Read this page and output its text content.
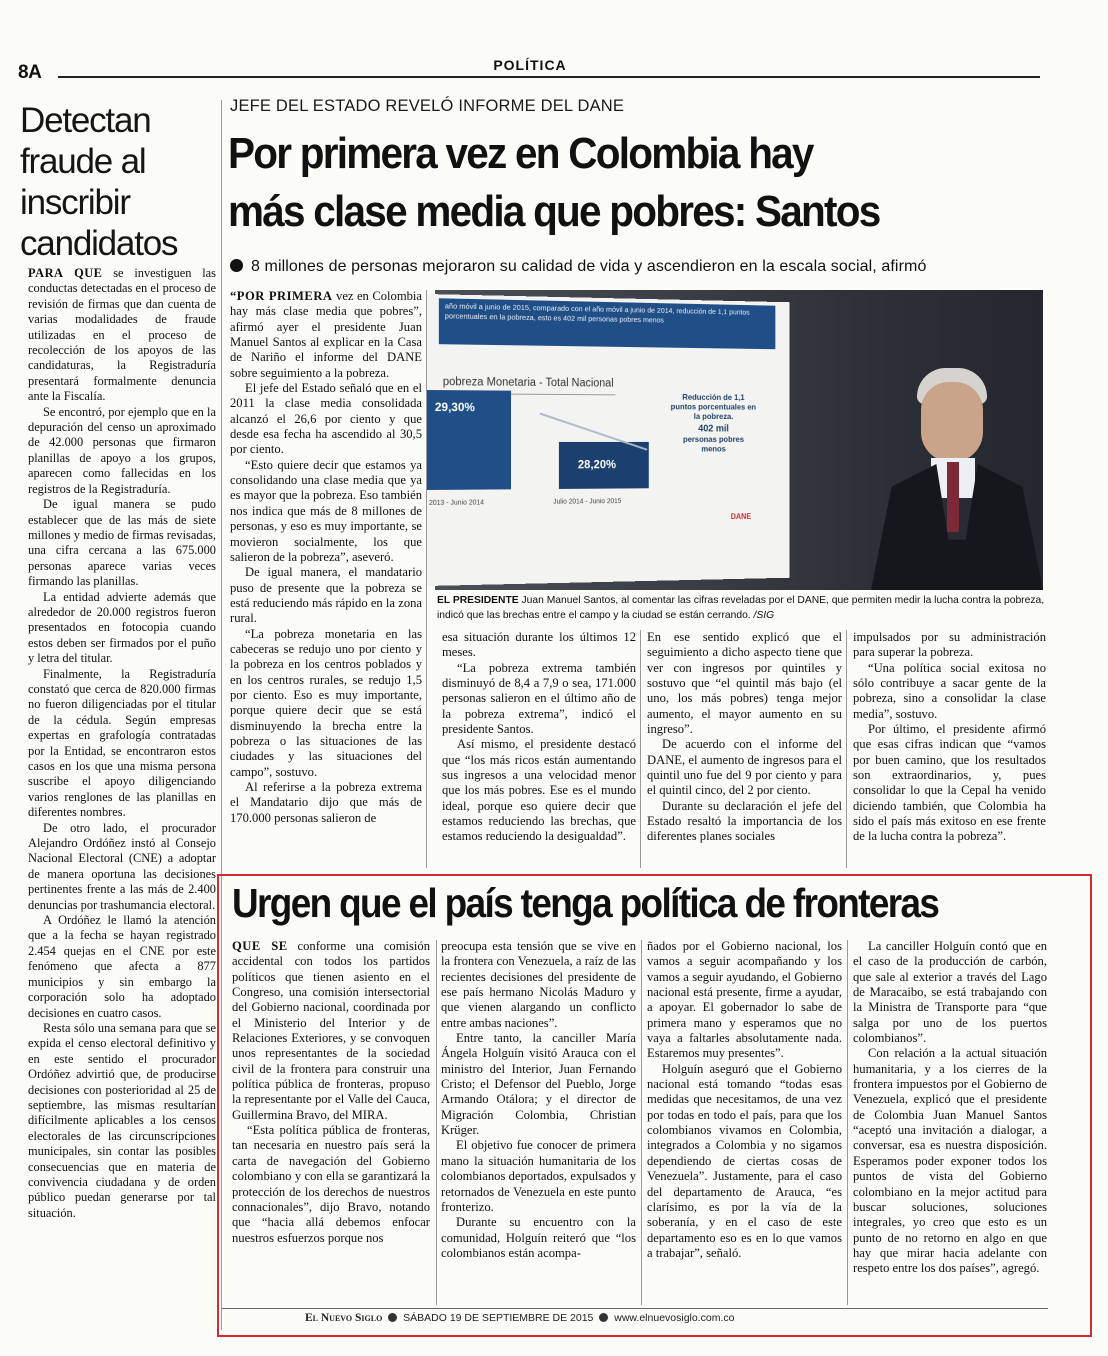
8A	POLÍTICA
Detectan fraude al inscribir candidatos

PARA QUE se investiguen las conductas detectadas en el proceso de revisión de firmas que dan cuenta de varias modalidades de fraude utilizadas en el proceso de recolección de los apoyos de las candidaturas, la Registraduría presentará formalmente denuncia ante la Fiscalía.

Se encontró, por ejemplo que en la depuración del censo un aproximado de 42.000 personas que firmaron planillas de apoyo a los grupos, aparecen como fallecidas en los registros de la Registraduría.

De igual manera se pudo establecer que de las más de siete millones y medio de firmas revisadas, una cifra cercana a las 675.000 personas aparece varias veces firmando las planillas.

La entidad advierte además que alrededor de 20.000 registros fueron presentados en fotocopia cuando estos deben ser firmados por el puño y letra del titular.

Finalmente, la Registraduría constató que cerca de 820.000 firmas no fueron diligenciadas por el titular de la cédula. Según empresas expertas en grafología contratadas por la Entidad, se encontraron estos casos en los que una misma persona suscribe el apoyo diligenciando varios renglones de las planillas en diferentes nombres.

De otro lado, el procurador Alejandro Ordóñez instó al Consejo Nacional Electoral (CNE) a adoptar de manera oportuna las decisiones pertinentes frente a las más de 2.400 denuncias por trashumancia electoral.

A Ordóñez le llamó la atención que a la fecha se hayan registrado 2.454 quejas en el CNE por este fenómeno que afecta a 877 municipios y sin embargo la corporación solo ha adoptado decisiones en cuatro casos.

Resta sólo una semana para que se expida el censo electoral definitivo y en este sentido el procurador Ordóñez advirtió que, de producirse decisiones con posterioridad al 25 de septiembre, las mismas resultarían difícilmente aplicables a los censos electorales de las circunscripciones municipales, sin contar las posibles consecuencias que en materia de convivencia ciudadana y de orden público puedan generarse por tal situación.

JEFE DEL ESTADO REVELÓ INFORME DEL DANE
Por primera vez en Colombia hay
más clase media que pobres: Santos
8 millones de personas mejoraron su calidad de vida y ascendieron en la escala social, afirmó

“POR PRIMERA vez en Colombia hay más clase media que pobres”, afirmó ayer el presidente Juan Manuel Santos al explicar en la Casa de Nariño el informe del DANE sobre seguimiento a la pobreza.

El jefe del Estado señaló que en el 2011 la clase media consolidada alcanzó el 26,6 por ciento y que desde esa fecha ha ascendido al 30,5 por ciento.

“Esto quiere decir que estamos ya consolidando una clase media que ya es mayor que la pobreza. Eso también nos indica que más de 8 millones de personas, y eso es muy importante, se movieron socialmente, los que salieron de la pobreza”, aseveró.

De igual manera, el mandatario puso de presente que la pobreza se está reduciendo más rápido en la zona rural.

“La pobreza monetaria en las cabeceras se redujo uno por ciento y la pobreza en los centros poblados y en los centros rurales, se redujo 1,5 por ciento. Eso es muy importante, porque quiere decir que se está disminuyendo la brecha entre la pobreza o las situaciones de las ciudades y las situaciones del campo”, sostuvo.

Al referirse a la pobreza extrema el Mandatario dijo que más de 170.000 personas salieron de

año móvil a junio de 2015, comparado con el año móvil a junio de 2014, reducción de 1,1 puntos porcentuales en la pobreza, esto es 402 mil personas pobres menos
pobreza Monetaria - Total Nacional
29,30%
28,20%
2013 - Junio 2014	Julio 2014 - Junio 2015
Reducción de 1,1
puntos porcentuales en
la pobreza.
402 mil
personas pobres
menos
DANE
EL PRESIDENTE Juan Manuel Santos, al comentar las cifras reveladas por el DANE, que permiten medir la lucha contra la pobreza, indicó que las brechas entre el campo y la ciudad se están cerrando. /SIG

esa situación durante los últimos 12 meses.

“La pobreza extrema también disminuyó de 8,4 a 7,9 o sea, 171.000 personas salieron en el último año de la pobreza extrema”, indicó el presidente Santos.

Así mismo, el presidente destacó que “los más ricos están aumentando sus ingresos a una velocidad menor que los más pobres. Ese es el mundo ideal, porque eso quiere decir que estamos reduciendo las brechas, que estamos reduciendo la desigualdad”.

En ese sentido explicó que el seguimiento a dicho aspecto tiene que ver con ingresos por quintiles y sostuvo que “el quintil más bajo (el uno, los más pobres) tenga mejor aumento, el mayor aumento en su ingreso”.

De acuerdo con el informe del DANE, el aumento de ingresos para el quintil uno fue del 9 por ciento y para el quintil cinco, del 2 por ciento.

Durante su declaración el jefe del Estado resaltó la importancia de los diferentes planes sociales

impulsados por su administración para superar la pobreza.

“Una política social exitosa no sólo contribuye a sacar gente de la pobreza, sino a consolidar la clase media”, sostuvo.

Por último, el presidente afirmó que esas cifras indican que “vamos por buen camino, que los resultados son extraordinarios, y, pues consolidar lo que la Cepal ha venido diciendo también, que Colombia ha sido el país más exitoso en ese frente de la lucha contra la pobreza”.

Urgen que el país tenga política de fronteras

QUE SE conforme una comisión accidental con todos los partidos políticos que tienen asiento en el Congreso, una comisión intersectorial del Gobierno nacional, coordinada por el Ministerio del Interior y de Relaciones Exteriores, y se convoquen unos representantes de la sociedad civil de la frontera para construir una política pública de fronteras, propuso la representante por el Valle del Cauca, Guillermina Bravo, del MIRA.

“Esta política pública de fronteras, tan necesaria en nuestro país será la carta de navegación del Gobierno colombiano y con ella se garantizará la protección de los derechos de nuestros connacionales”, dijo Bravo, notando que “hacia allá debemos enfocar nuestros esfuerzos porque nos

preocupa esta tensión que se vive en la frontera con Venezuela, a raíz de las recientes decisiones del presidente de ese país hermano Nicolás Maduro y que vienen alargando un conflicto entre ambas naciones”.

Entre tanto, la canciller María Ángela Holguín visitó Arauca con el ministro del Interior, Juan Fernando Cristo; el Defensor del Pueblo, Jorge Armando Otálora; y el director de Migración Colombia, Christian Krüger.

El objetivo fue conocer de primera mano la situación humanitaria de los colombianos deportados, expulsados y retornados de Venezuela en este punto fronterizo.

Durante su encuentro con la comunidad, Holguín reiteró que “los colombianos están acompa-

ñados por el Gobierno nacional, los vamos a seguir acompañando y los vamos a seguir ayudando, el Gobierno nacional está presente, firme a ayudar, a apoyar. El gobernador lo sabe de primera mano y esperamos que no vaya a faltarles absolutamente nada. Estaremos muy presentes”.

Holguín aseguró que el Gobierno nacional está tomando “todas esas medidas que necesitamos, de una vez por todas en todo el país, para que los colombianos vivamos en Colombia, integrados a Colombia y no sigamos dependiendo de ciertas cosas de Venezuela”. Justamente, para el caso del departamento de Arauca, “es clarísimo, es por la vía de la soberanía, y en el caso de este departamento eso es en lo que vamos a trabajar”, señaló.

La canciller Holguín contó que en el caso de la producción de carbón, que sale al exterior a través del Lago de Maracaibo, se está trabajando con la Ministra de Transporte para “que salga por uno de los puertos colombianos”.

Con relación a la actual situación humanitaria, y a los cierres de la frontera impuestos por el Gobierno de Venezuela, explicó que el presidente de Colombia Juan Manuel Santos “aceptó una invitación a dialogar, a conversar, esa es nuestra disposición. Esperamos poder exponer todos los puntos de vista del Gobierno colombiano en la mejor actitud para buscar soluciones, soluciones integrales, yo creo que esto es un punto de no retorno en algo en que hay que mirar hacia adelante con respeto entre los dos países”, agregó.

El Nuevo Siglo SÁBADO 19 DE SEPTIEMBRE DE 2015 www.elnuevosiglo.com.co
